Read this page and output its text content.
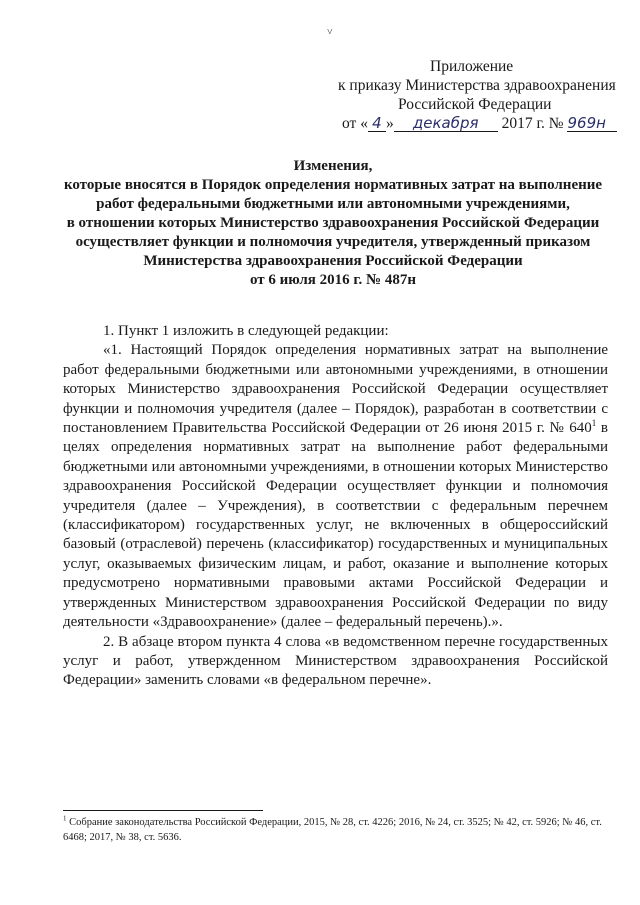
˅
Приложение
к приказу Министерства здравоохранения
Российской Федерации
от « 4 » декабря 2017 г. № 969н
Изменения,
которые вносятся в Порядок определения нормативных затрат на выполнение
работ федеральными бюджетными или автономными учреждениями,
в отношении которых Министерство здравоохранения Российской Федерации
осуществляет функции и полномочия учредителя, утвержденный приказом
Министерства здравоохранения Российской Федерации
от 6 июля 2016 г. № 487н

1. Пункт 1 изложить в следующей редакции:

«1. Настоящий Порядок определения нормативных затрат на выполнение работ федеральными бюджетными или автономными учреждениями, в отношении которых Министерство здравоохранения Российской Федерации осуществляет функции и полномочия учредителя (далее – Порядок), разработан в соответствии с постановлением Правительства Российской Федерации от 26 июня 2015 г. № $640^1$ в целях определения нормативных затрат на выполнение работ федеральными бюджетными или автономными учреждениями, в отношении которых Министерство здравоохранения Российской Федерации осуществляет функции и полномочия учредителя (далее – Учреждения), в соответствии с федеральным перечнем (классификатором) государственных услуг, не включенных в общероссийский базовый (отраслевой) перечень (классификатор) государственных и муниципальных услуг, оказываемых физическим лицам, и работ, оказание и выполнение которых предусмотрено нормативными правовыми актами Российской Федерации и утвержденных Министерством здравоохранения Российской Федерации по виду деятельности «Здравоохранение» (далее – федеральный перечень).».

2. В абзаце втором пункта 4 слова «в ведомственном перечне государственных услуг и работ, утвержденном Министерством здравоохранения Российской Федерации» заменить словами «в федеральном перечне».

$^1$ Собрание законодательства Российской Федерации, 2015, № 28, ст. 4226; 2016, № 24, ст. 3525; № 42, ст. 5926; № 46, ст. 6468; 2017, № 38, ст. 5636.
